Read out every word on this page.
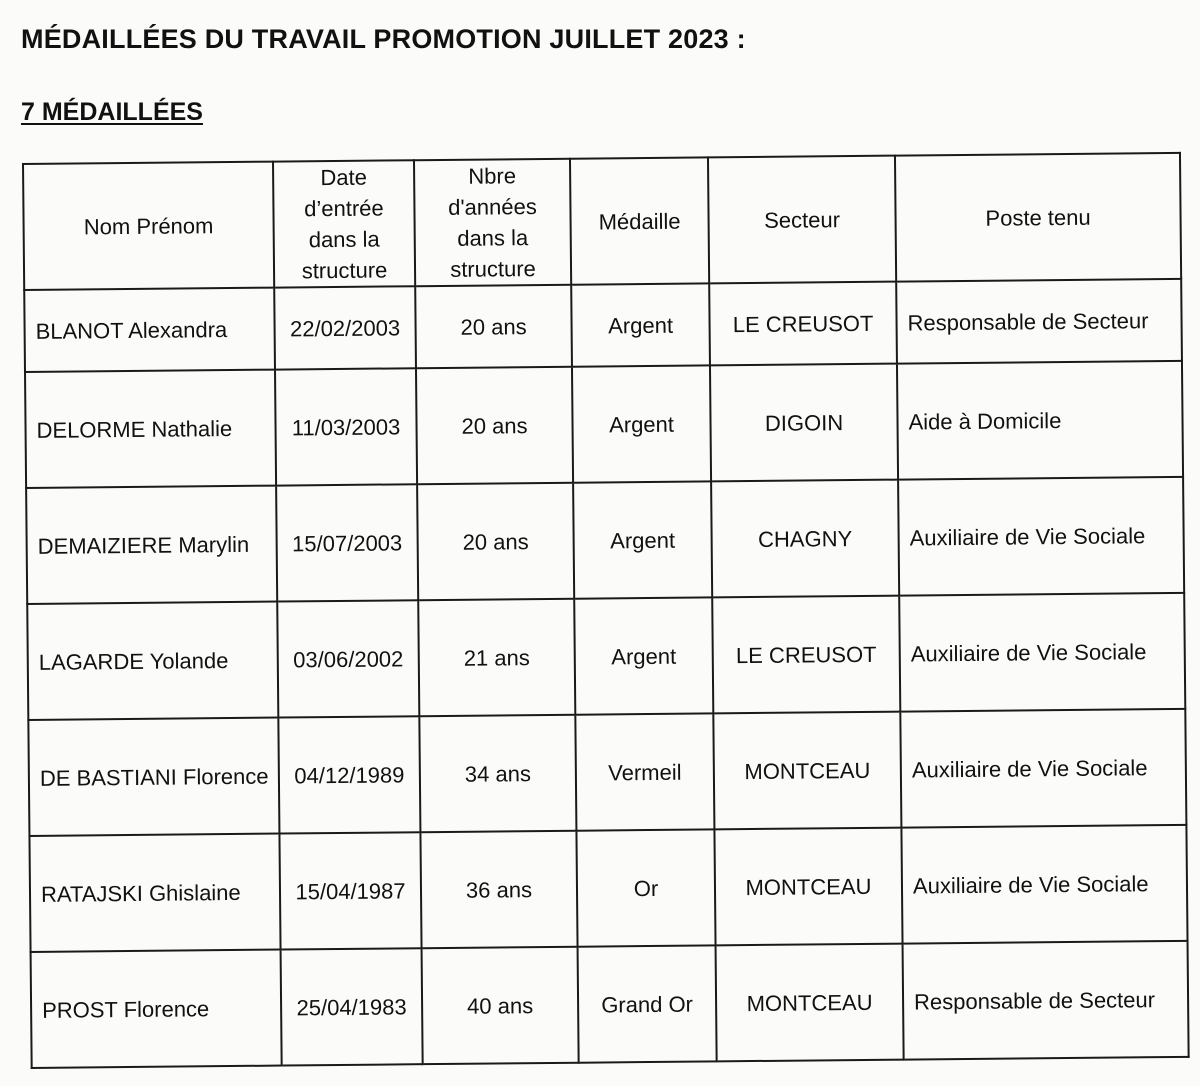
MÉDAILLÉES DU TRAVAIL PROMOTION JUILLET 2023 :
7 MÉDAILLÉES
Nom Prénom	Date
d’entrée
dans la
structure	Nbre
d'années
dans la
structure	Médaille	Secteur	Poste tenu
BLANOT Alexandra	22/02/2003	20 ans	Argent	LE CREUSOT	Responsable de Secteur
DELORME Nathalie	11/03/2003	20 ans	Argent	DIGOIN	Aide à Domicile
DEMAIZIERE Marylin	15/07/2003	20 ans	Argent	CHAGNY	Auxiliaire de Vie Sociale
LAGARDE Yolande	03/06/2002	21 ans	Argent	LE CREUSOT	Auxiliaire de Vie Sociale
DE BASTIANI Florence	04/12/1989	34 ans	Vermeil	MONTCEAU	Auxiliaire de Vie Sociale
RATAJSKI Ghislaine	15/04/1987	36 ans	Or	MONTCEAU	Auxiliaire de Vie Sociale
PROST Florence	25/04/1983	40 ans	Grand Or	MONTCEAU	Responsable de Secteur
